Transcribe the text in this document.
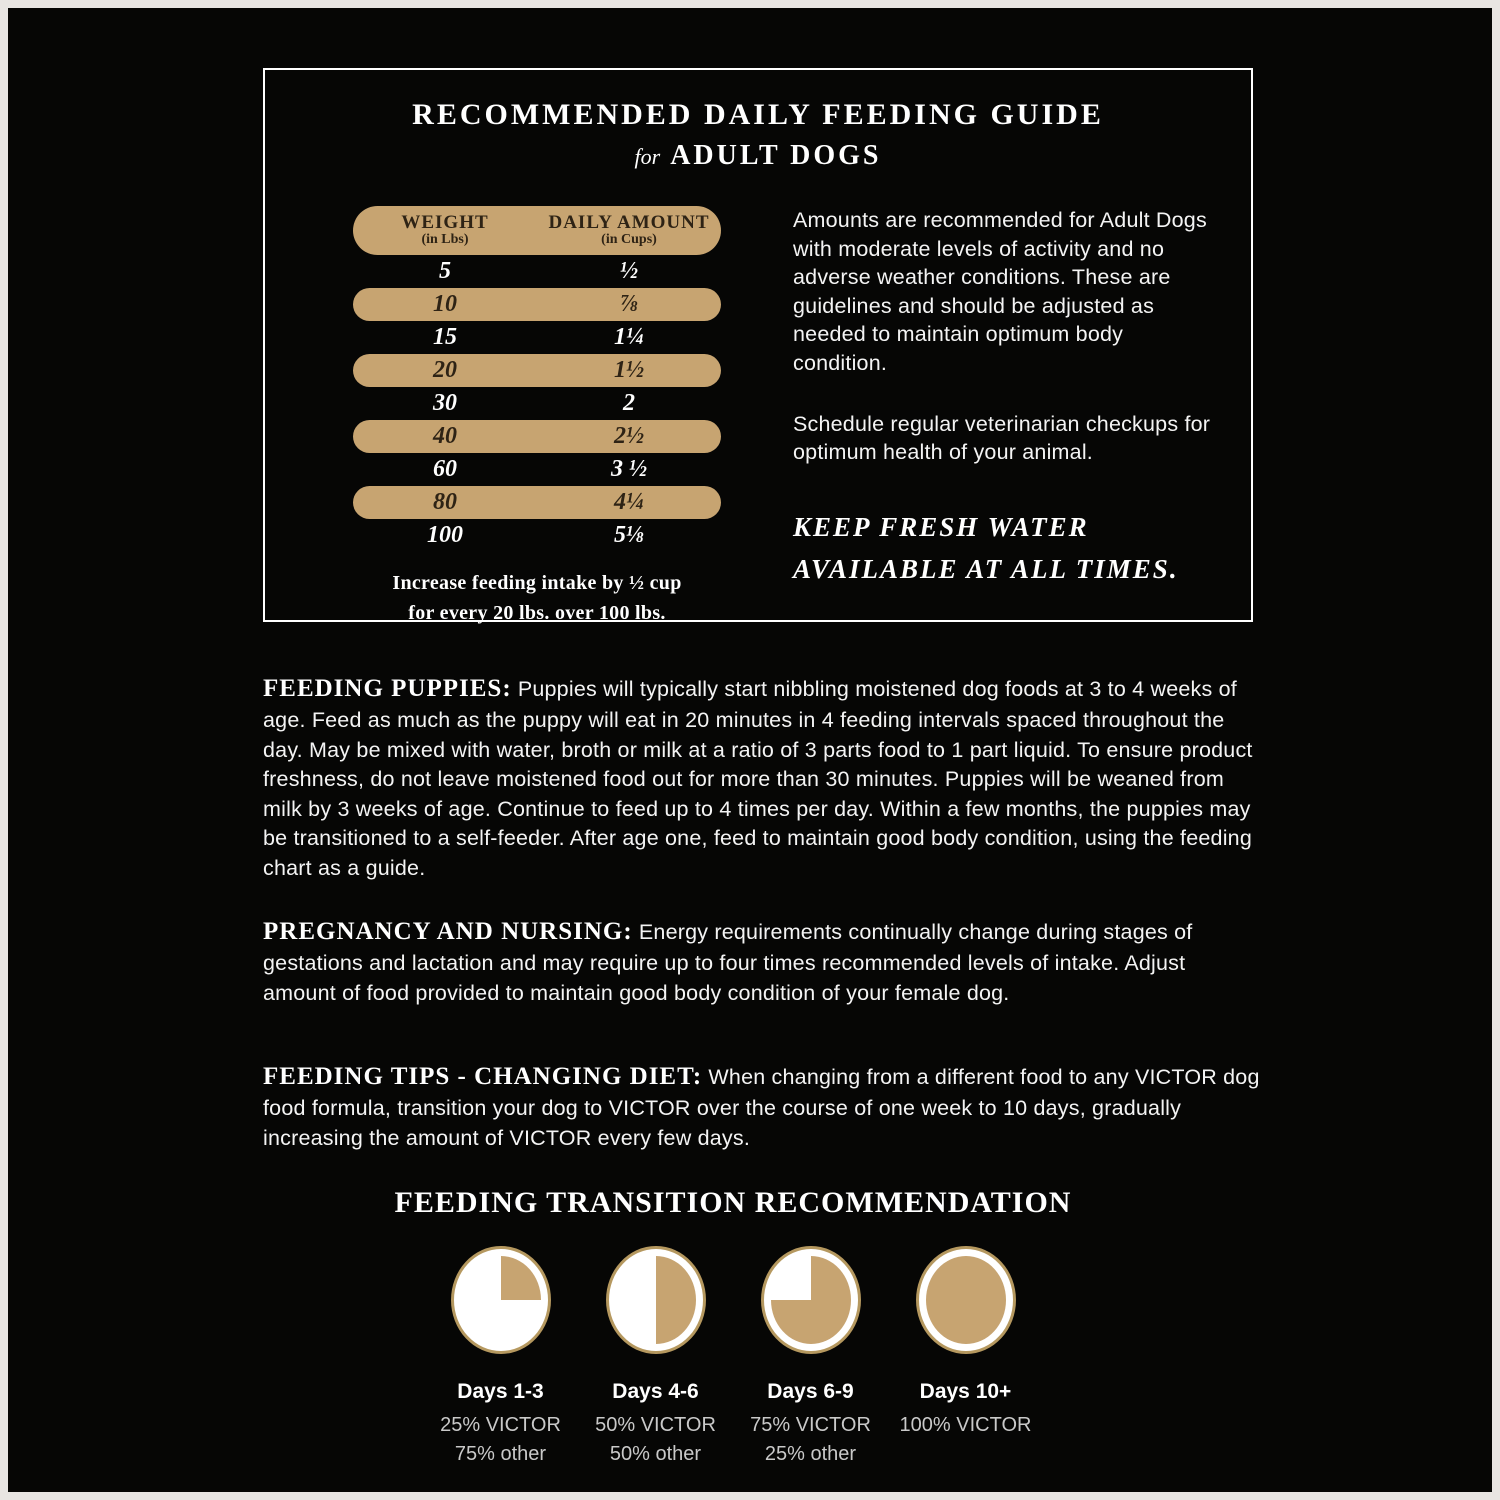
RECOMMENDED DAILY FEEDING GUIDE
for ADULT DOGS
WEIGHT
(in Lbs)
DAILY AMOUNT
(in Cups)
5	½
10	⅞
15	1¼
20	1½
30	2
40	2½
60	3 ½
80	4¼
100	5⅛
Increase feeding intake by ½ cup
for every 20 lbs. over 100 lbs.
Amounts are recommended for Adult Dogs with moderate levels of activity and no adverse weather conditions. These are guidelines and should be adjusted as needed to maintain optimum body condition.
Schedule regular veterinarian checkups for optimum health of your animal.
KEEP FRESH WATER
AVAILABLE AT ALL TIMES.
FEEDING PUPPIES: Puppies will typically start nibbling moistened dog foods at 3 to 4 weeks of age. Feed as much as the puppy will eat in 20 minutes in 4 feeding intervals spaced throughout the day. May be mixed with water, broth or milk at a ratio of 3 parts food to 1 part liquid. To ensure product freshness, do not leave moistened food out for more than 30 minutes. Puppies will be weaned from milk by 3 weeks of age. Continue to feed up to 4 times per day. Within a few months, the puppies may be transitioned to a self-feeder. After age one, feed to maintain good body condition, using the feeding chart as a guide.
PREGNANCY AND NURSING: Energy requirements continually change during stages of gestations and lactation and may require up to four times recommended levels of intake. Adjust amount of food provided to maintain good body condition of your female dog.
FEEDING TIPS - CHANGING DIET: When changing from a different food to any VICTOR dog food formula, transition your dog to VICTOR over the course of one week to 10 days, gradually increasing the amount of VICTOR every few days.
FEEDING TRANSITION RECOMMENDATION
Days 1-3
25% VICTOR
75% other
Days 4-6
50% VICTOR
50% other
Days 6-9
75% VICTOR
25% other
Days 10+
100% VICTOR
